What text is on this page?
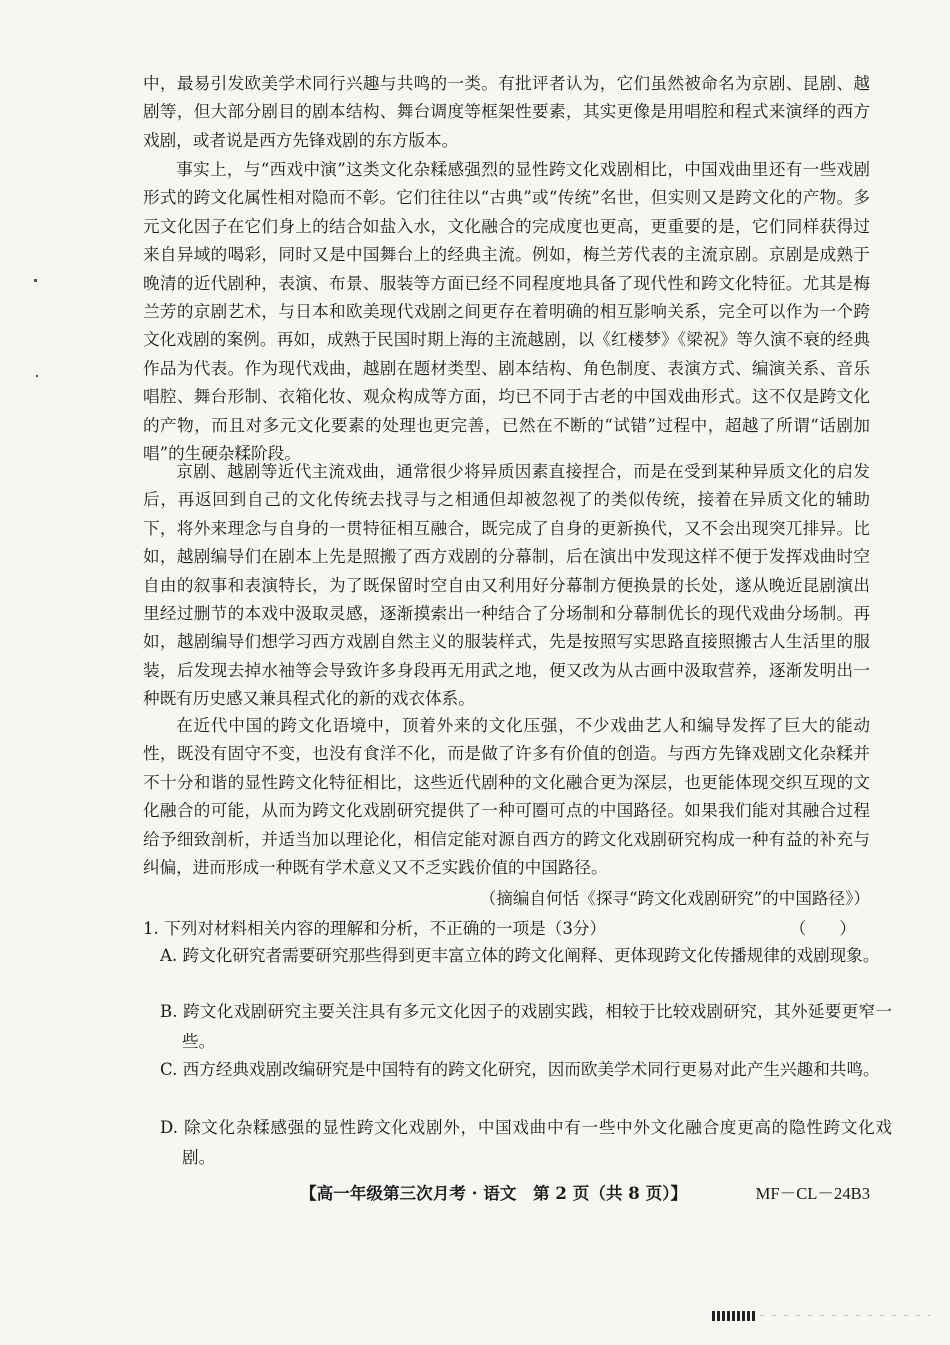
中，最易引发欧美学术同行兴趣与共鸣的一类。有批评者认为，它们虽然被命名为京剧、昆剧、越剧等，但大部分剧目的剧本结构、舞台调度等框架性要素，其实更像是用唱腔和程式来演绎的西方戏剧，或者说是西方先锋戏剧的东方版本。

事实上，与“西戏中演”这类文化杂糅感强烈的显性跨文化戏剧相比，中国戏曲里还有一些戏剧形式的跨文化属性相对隐而不彰。它们往往以“古典”或“传统”名世，但实则又是跨文化的产物。多元文化因子在它们身上的结合如盐入水，文化融合的完成度也更高，更重要的是，它们同样获得过来自异域的喝彩，同时又是中国舞台上的经典主流。例如，梅兰芳代表的主流京剧。京剧是成熟于晚清的近代剧种，表演、布景、服装等方面已经不同程度地具备了现代性和跨文化特征。尤其是梅兰芳的京剧艺术，与日本和欧美现代戏剧之间更存在着明确的相互影响关系，完全可以作为一个跨文化戏剧的案例。再如，成熟于民国时期上海的主流越剧，以《红楼梦》《梁祝》等久演不衰的经典作品为代表。作为现代戏曲，越剧在题材类型、剧本结构、角色制度、表演方式、编演关系、音乐唱腔、舞台形制、衣箱化妆、观众构成等方面，均已不同于古老的中国戏曲形式。这不仅是跨文化的产物，而且对多元文化要素的处理也更完善，已然在不断的“试错”过程中，超越了所谓“话剧加唱”的生硬杂糅阶段。

京剧、越剧等近代主流戏曲，通常很少将异质因素直接捏合，而是在受到某种异质文化的启发后，再返回到自己的文化传统去找寻与之相通但却被忽视了的类似传统，接着在异质文化的辅助下，将外来理念与自身的一贯特征相互融合，既完成了自身的更新换代，又不会出现突兀排异。比如，越剧编导们在剧本上先是照搬了西方戏剧的分幕制，后在演出中发现这样不便于发挥戏曲时空自由的叙事和表演特长，为了既保留时空自由又利用好分幕制方便换景的长处，遂从晚近昆剧演出里经过删节的本戏中汲取灵感，逐渐摸索出一种结合了分场制和分幕制优长的现代戏曲分场制。再如，越剧编导们想学习西方戏剧自然主义的服装样式，先是按照写实思路直接照搬古人生活里的服装，后发现去掉水袖等会导致许多身段再无用武之地，便又改为从古画中汲取营养，逐渐发明出一种既有历史感又兼具程式化的新的戏衣体系。

在近代中国的跨文化语境中，顶着外来的文化压强，不少戏曲艺人和编导发挥了巨大的能动性，既没有固守不变，也没有食洋不化，而是做了许多有价值的创造。与西方先锋戏剧文化杂糅并不十分和谐的显性跨文化特征相比，这些近代剧种的文化融合更为深层，也更能体现交织互现的文化融合的可能，从而为跨文化戏剧研究提供了一种可圈可点的中国路径。如果我们能对其融合过程给予细致剖析，并适当加以理论化，相信定能对源自西方的跨文化戏剧研究构成一种有益的补充与纠偏，进而形成一种既有学术意义又不乏实践价值的中国路径。

（摘编自何恬《探寻“跨文化戏剧研究”的中国路径》）
1. 下列对材料相关内容的理解和分析，不正确的一项是（3分）	（　　）
A. 跨文化研究者需要研究那些得到更丰富立体的跨文化阐释、更体现跨文化传播规律的戏剧现象。
B. 跨文化戏剧研究主要关注具有多元文化因子的戏剧实践，相较于比较戏剧研究，其外延要更窄一些。
C. 西方经典戏剧改编研究是中国特有的跨文化研究，因而欧美学术同行更易对此产生兴趣和共鸣。
D. 除文化杂糅感强的显性跨文化戏剧外，中国戏曲中有一些中外文化融合度更高的隐性跨文化戏剧。
【高一年级第三次月考 · 语文　第 2 页（共 8 页）】	MF－CL－24B3
